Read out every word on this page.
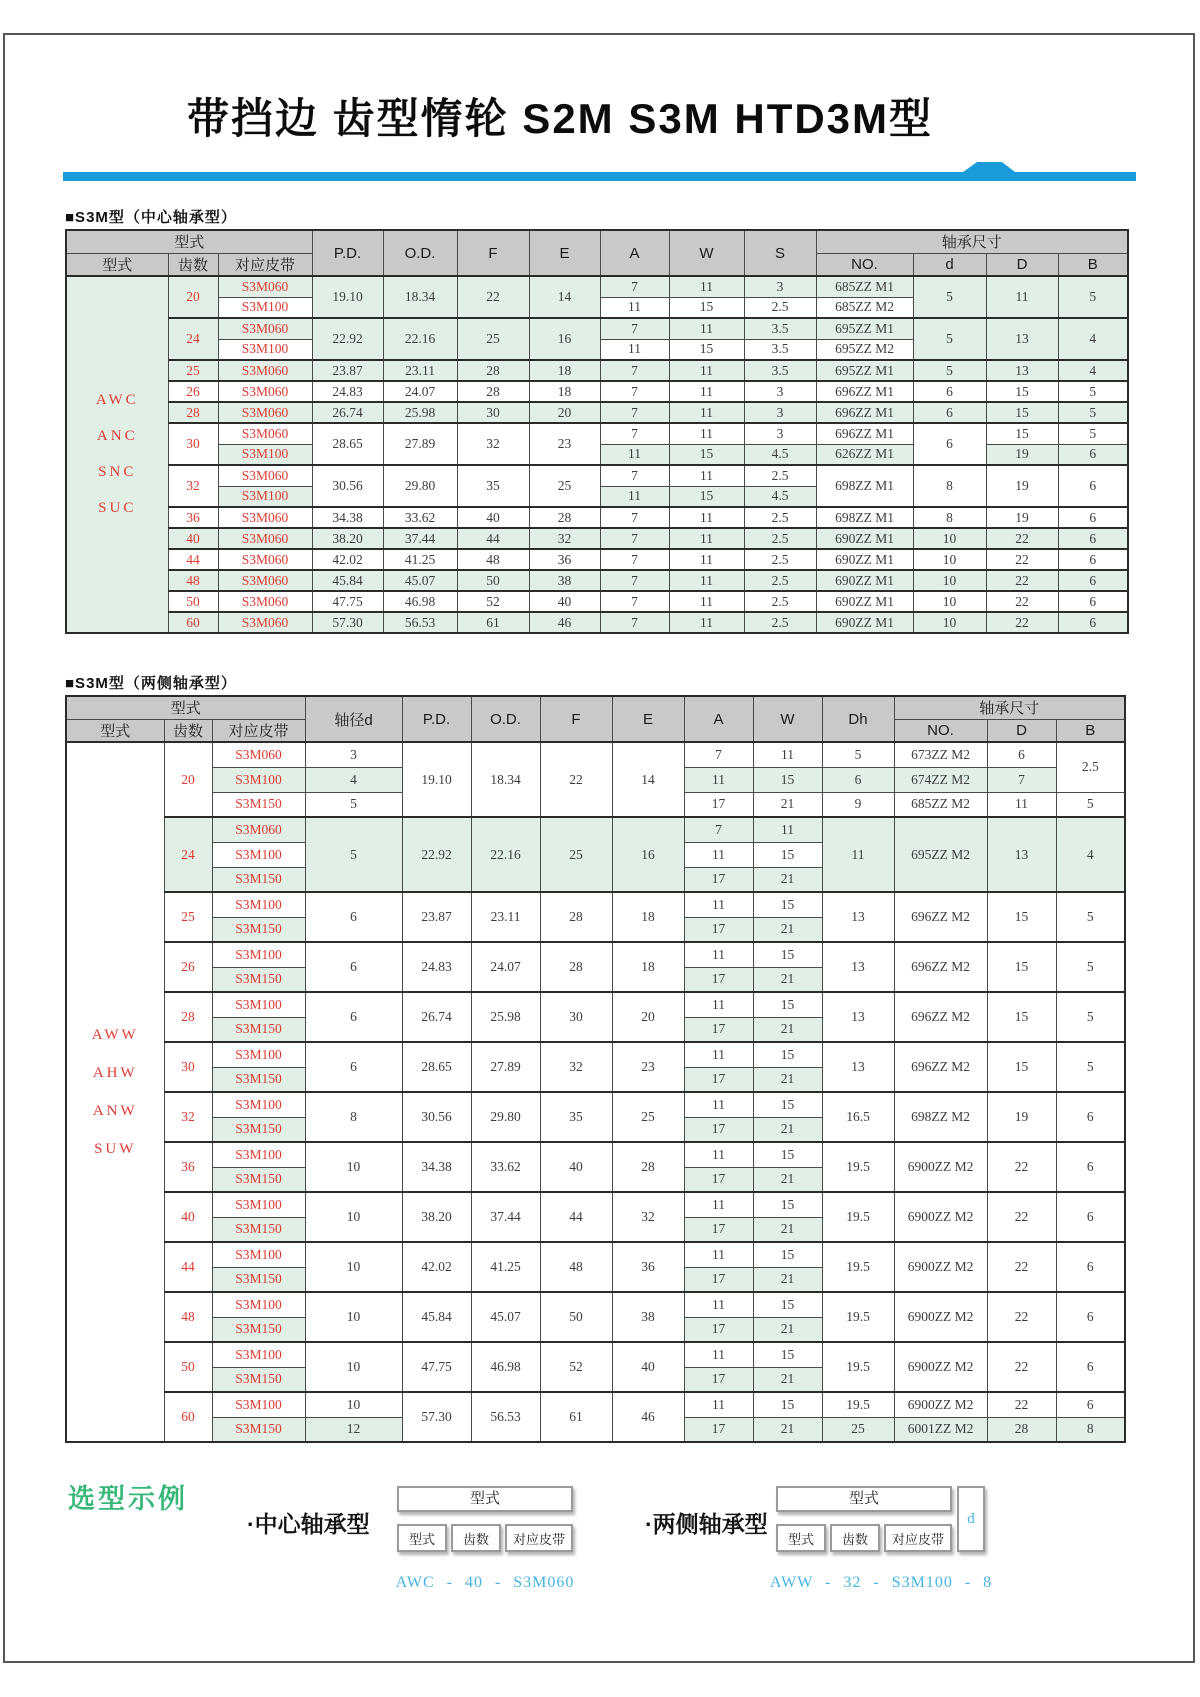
带挡边 齿型惰轮 S2M S3M HTD3M型
■S3M型（中心轴承型）
型式			P.D.	O.D.	F	E	A	W	S	轴承尺寸			
型式	齿数	对应皮带								NO.	d	D	B

AWC
ANC
SNC
SUC	20	S3M060	19.10	18.34	22	14	7	11	3	685ZZ M1	5	11	5
		S3M100					11	15	2.5	685ZZ M2			
	24	S3M060	22.92	22.16	25	16	7	11	3.5	695ZZ M1	5	13	4
		S3M100					11	15	3.5	695ZZ M2			
	25	S3M060	23.87	23.11	28	18	7	11	3.5	695ZZ M1	5	13	4
	26	S3M060	24.83	24.07	28	18	7	11	3	696ZZ M1	6	15	5
	28	S3M060	26.74	25.98	30	20	7	11	3	696ZZ M1	6	15	5
	30	S3M060	28.65	27.89	32	23	7	11	3	696ZZ M1	6	15	5
		S3M100					11	15	4.5	626ZZ M1		19	6
	32	S3M060	30.56	29.80	35	25	7	11	2.5	698ZZ M1	8	19	6
		S3M100					11	15	4.5				
	36	S3M060	34.38	33.62	40	28	7	11	2.5	698ZZ M1	8	19	6
	40	S3M060	38.20	37.44	44	32	7	11	2.5	690ZZ M1	10	22	6
	44	S3M060	42.02	41.25	48	36	7	11	2.5	690ZZ M1	10	22	6
	48	S3M060	45.84	45.07	50	38	7	11	2.5	690ZZ M1	10	22	6
	50	S3M060	47.75	46.98	52	40	7	11	2.5	690ZZ M1	10	22	6
	60	S3M060	57.30	56.53	61	46	7	11	2.5	690ZZ M1	10	22	6
■S3M型（两侧轴承型）
型式			轴径d	P.D.	O.D.	F	E	A	W	Dh	轴承尺寸		
型式	齿数	对应皮带									NO.	D	B

AWW
AHW
ANW
SUW	20	S3M060	3	19.10	18.34	22	14	7	11	5	673ZZ M2	6	2.5
		S3M100	4					11	15	6	674ZZ M2	7	
		S3M150	5					17	21	9	685ZZ M2	11	5
	24	S3M060	5	22.92	22.16	25	16	7	11	11	695ZZ M2	13	4
		S3M100						11	15				
		S3M150						17	21				
	25	S3M100	6	23.87	23.11	28	18	11	15	13	696ZZ M2	15	5
		S3M150						17	21				
	26	S3M100	6	24.83	24.07	28	18	11	15	13	696ZZ M2	15	5
		S3M150						17	21				
	28	S3M100	6	26.74	25.98	30	20	11	15	13	696ZZ M2	15	5
		S3M150						17	21				
	30	S3M100	6	28.65	27.89	32	23	11	15	13	696ZZ M2	15	5
		S3M150						17	21				
	32	S3M100	8	30.56	29.80	35	25	11	15	16.5	698ZZ M2	19	6
		S3M150						17	21				
	36	S3M100	10	34.38	33.62	40	28	11	15	19.5	6900ZZ M2	22	6
		S3M150						17	21				
	40	S3M100	10	38.20	37.44	44	32	11	15	19.5	6900ZZ M2	22	6
		S3M150						17	21				
	44	S3M100	10	42.02	41.25	48	36	11	15	19.5	6900ZZ M2	22	6
		S3M150						17	21				
	48	S3M100	10	45.84	45.07	50	38	11	15	19.5	6900ZZ M2	22	6
		S3M150						17	21				
	50	S3M100	10	47.75	46.98	52	40	11	15	19.5	6900ZZ M2	22	6
		S3M150						17	21				
	60	S3M100	10	57.30	56.53	61	46	11	15	19.5	6900ZZ M2	22	6
		S3M150	12					17	21	25	6001ZZ M2	28	8
选型示例
·中心轴承型
型式
型式	齿数	对应皮带
AWC - 40 - S3M060
·两侧轴承型
型式
型式	齿数	对应皮带
d
AWW - 32 - S3M100 - 8
